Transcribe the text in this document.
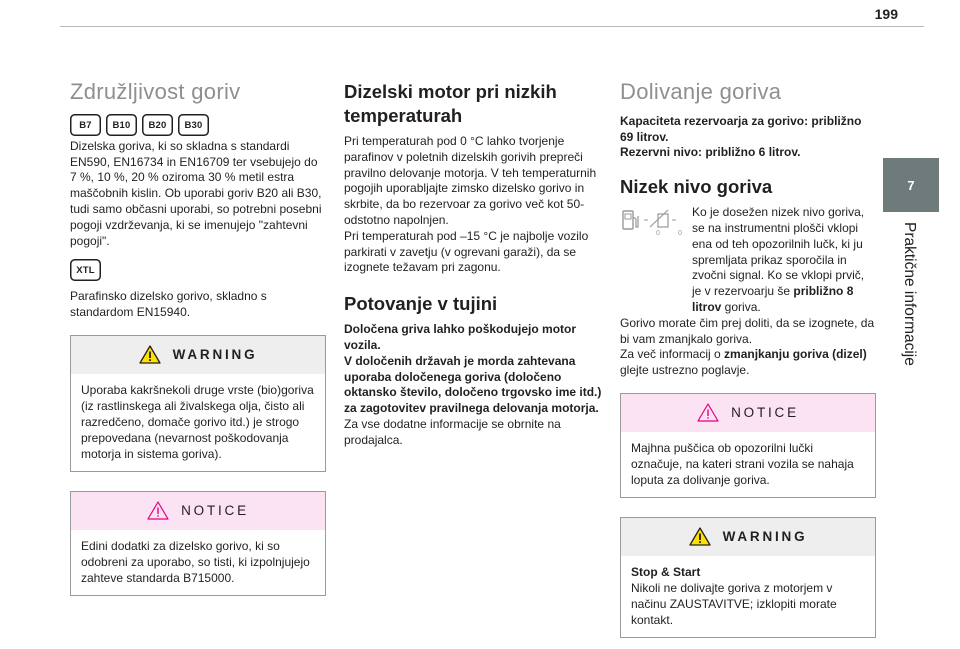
199
7
Praktične informacije
Združljivost goriv
B7	B10	B20	B30

Dizelska goriva, ki so skladna s standardi EN590, EN16734 in EN16709 ter vsebujejo do 7 %, 10 %, 20 % oziroma 30 % metil estra maščobnih kislin. Ob uporabi goriv B20 ali B30, tudi samo občasni uporabi, so potrebni posebni pogoji vzdrževanja, ki se imenujejo "zahtevni pogoji".

XTL

Parafinsko dizelsko gorivo, skladno s standardom EN15940.

WARNING
Uporaba kakršnekoli druge vrste (bio)goriva (iz rastlinskega ali živalskega olja, čisto ali razredčeno, domače gorivo itd.) je strogo prepovedana (nevarnost poškodovanja motorja in sistema goriva).
NOTICE
Edini dodatki za dizelsko gorivo, ki so odobreni za uporabo, so tisti, ki izpolnjujejo zahteve standarda B715000.
Dizelski motor pri nizkih temperaturah

Pri temperaturah pod 0 °C lahko tvorjenje parafinov v poletnih dizelskih gorivih prepreči pravilno delovanje motorja. V teh temperaturnih pogojih uporabljajte zimsko dizelsko gorivo in skrbite, da bo rezervoar za gorivo več kot 50-odstotno napolnjen.

Pri temperaturah pod –15 °C je najbolje vozilo parkirati v zavetju (v ogrevani garaži), da se izognete težavam pri zagonu.

Potovanje v tujini

Določena griva lahko poškodujejo motor vozila.

V določenih državah je morda zahtevana uporaba določenega goriva (določeno oktansko število, določeno trgovsko ime itd.) za zagotovitev pravilnega delovanja motorja.

Za vse dodatne informacije se obrnite na prodajalca.

Dolivanje goriva

Kapaciteta rezervoarja za gorivo: približno 69 litrov.

Rezervni nivo: približno 6 litrov.

Nizek nivo goriva
0	0

Ko je dosežen nizek nivo goriva, se na instrumentni plošči vklopi ena od teh opozorilnih lučk, ki ju spremljata prikaz sporočila in zvočni signal. Ko se vklopi prvič, je v rezervoarju še približno 8 litrov goriva.

Gorivo morate čim prej doliti, da se izognete, da bi vam zmanjkalo goriva.

Za več informacij o zmanjkanju goriva (dizel) glejte ustrezno poglavje.

NOTICE
Majhna puščica ob opozorilni lučki označuje, na kateri strani vozila se nahaja loputa za dolivanje goriva.
WARNING

Stop & Start

Nikoli ne dolivajte goriva z motorjem v načinu ZAUSTAVITVE; izklopiti morate kontakt.
